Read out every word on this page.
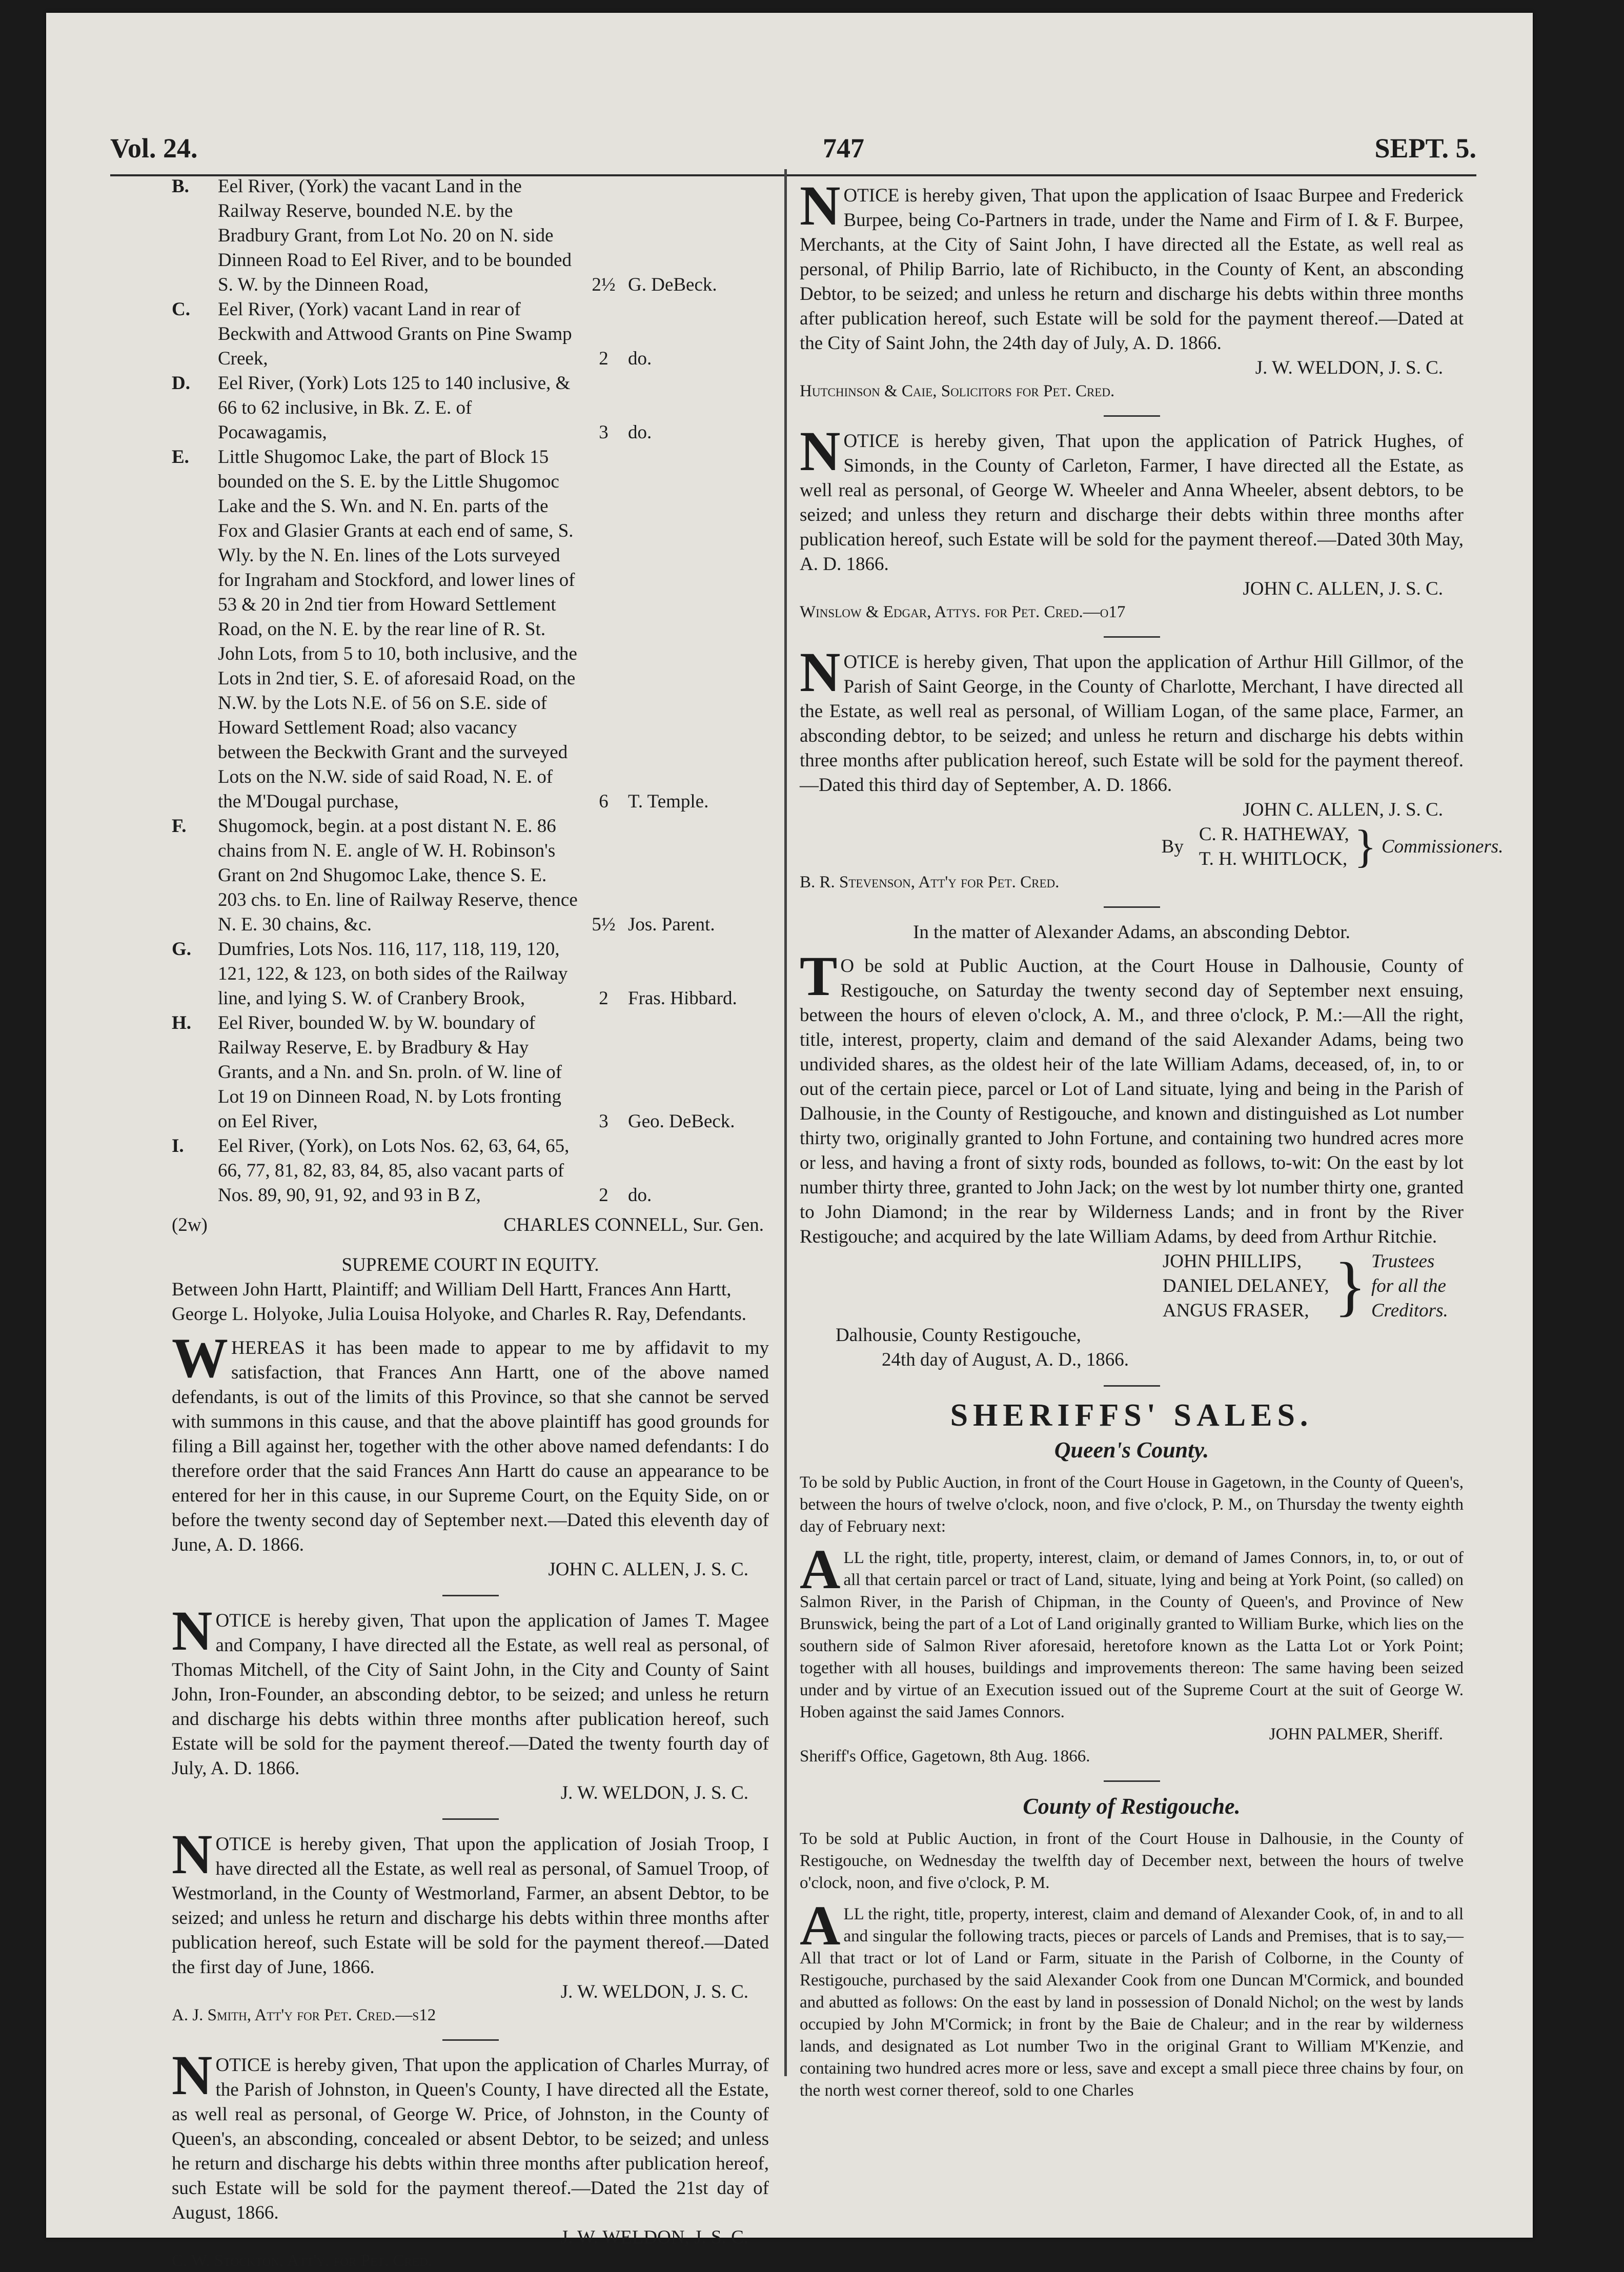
Vol. 24.	747	SEPT. 5.
B.	Eel River, (York) the vacant Land in the Railway Reserve, bounded N.E. by the Bradbury Grant, from Lot No. 20 on N. side Dinneen Road to Eel River, and to be bounded S. W. by the Dinneen Road,	2½ G. DeBeck.
C.	Eel River, (York) vacant Land in rear of Beckwith and Attwood Grants on Pine Swamp Creek,	2	do.
D.	Eel River, (York) Lots 125 to 140 inclusive, & 66 to 62 inclusive, in Bk. Z. E. of Pocawagamis,	3	do.
E.	Little Shugomoc Lake, the part of Block 15 bounded on the S. E. by the Little Shugomoc Lake and the S. Wn. and N. En. parts of the Fox and Glasier Grants at each end of same, S. Wly. by the N. En. lines of the Lots surveyed for Ingraham and Stockford, and lower lines of 53 & 20 in 2nd tier from Howard Settlement Road, on the N. E. by the rear line of R. St. John Lots, from 5 to 10, both inclusive, and the Lots in 2nd tier, S. E. of aforesaid Road, on the N.W. by the Lots N.E. of 56 on S.E. side of Howard Settlement Road; also vacancy between the Beckwith Grant and the surveyed Lots on the N.W. side of said Road, N. E. of the M'Dougal purchase,	6	T. Temple.
F.	Shugomock, begin. at a post distant N. E. 86 chains from N. E. angle of W. H. Robinson's Grant on 2nd Shugomoc Lake, thence S. E. 203 chs. to En. line of Railway Reserve, thence N. E. 30 chains, &c.	5½ Jos. Parent.
G.	Dumfries, Lots Nos. 116, 117, 118, 119, 120, 121, 122, & 123, on both sides of the Railway line, and lying S. W. of Cranbery Brook,	2	Fras. Hibbard.
H.	Eel River, bounded W. by W. boundary of Railway Reserve, E. by Bradbury & Hay Grants, and a Nn. and Sn. proln. of W. line of Lot 19 on Dinneen Road, N. by Lots fronting on Eel River,	3	Geo. DeBeck.
I.	Eel River, (York), on Lots Nos. 62, 63, 64, 65, 66, 77, 81, 82, 83, 84, 85, also vacant parts of Nos. 89, 90, 91, 92, and 93 in B Z,	2	do.
(2w)	CHARLES CONNELL, Sur. Gen.

SUPREME COURT IN EQUITY.

Between John Hartt, Plaintiff; and William Dell Hartt, Frances Ann Hartt, George L. Holyoke, Julia Louisa Holyoke, and Charles R. Ray, Defendants.

WHEREAS it has been made to appear to me by affidavit to my satisfaction, that Frances Ann Hartt, one of the above named defendants, is out of the limits of this Province, so that she cannot be served with summons in this cause, and that the above plaintiff has good grounds for filing a Bill against her, together with the other above named defendants: I do therefore order that the said Frances Ann Hartt do cause an appearance to be entered for her in this cause, in our Supreme Court, on the Equity Side, on or before the twenty second day of September next.—Dated this eleventh day of June, A. D. 1866.

JOHN C. ALLEN, J. S. C.

NOTICE is hereby given, That upon the application of James T. Magee and Company, I have directed all the Estate, as well real as personal, of Thomas Mitchell, of the City of Saint John, in the City and County of Saint John, Iron-Founder, an absconding debtor, to be seized; and unless he return and discharge his debts within three months after publication hereof, such Estate will be sold for the payment thereof.—Dated the twenty fourth day of July, A. D. 1866.

J. W. WELDON, J. S. C.

NOTICE is hereby given, That upon the application of Josiah Troop, I have directed all the Estate, as well real as personal, of Samuel Troop, of Westmorland, in the County of Westmorland, Farmer, an absent Debtor, to be seized; and unless he return and discharge his debts within three months after publication hereof, such Estate will be sold for the payment thereof.—Dated the first day of June, 1866.

J. W. WELDON, J. S. C.

A. J. Smith, Att'y for Pet. Cred.—s12

NOTICE is hereby given, That upon the application of Charles Murray, of the Parish of Johnston, in Queen's County, I have directed all the Estate, as well real as personal, of George W. Price, of Johnston, in the County of Queen's, an absconding, concealed or absent Debtor, to be seized; and unless he return and discharge his debts within three months after publication hereof, such Estate will be sold for the payment thereof.—Dated the 21st day of August, 1866.

J. W. WELDON, J. S. C.

C. W. Stockton, Att'y. for Pet. Cred.

NOTICE is hereby given, That upon the application of Isaac Burpee and Frederick Burpee, being Co-Partners in trade, under the Name and Firm of I. & F. Burpee, Merchants, at the City of Saint John, I have directed all the Estate, as well real as personal, of Philip Barrio, late of Richibucto, in the County of Kent, an absconding Debtor, to be seized; and unless he return and discharge his debts within three months after publication hereof, such Estate will be sold for the payment thereof.—Dated at the City of Saint John, the 24th day of July, A. D. 1866.

J. W. WELDON, J. S. C.

Hutchinson & Caie, Solicitors for Pet. Cred.

NOTICE is hereby given, That upon the application of Patrick Hughes, of Simonds, in the County of Carleton, Farmer, I have directed all the Estate, as well real as personal, of George W. Wheeler and Anna Wheeler, absent debtors, to be seized; and unless they return and discharge their debts within three months after publication hereof, such Estate will be sold for the payment thereof.—Dated 30th May, A. D. 1866.

JOHN C. ALLEN, J. S. C.

Winslow & Edgar, Attys. for Pet. Cred.—o17

NOTICE is hereby given, That upon the application of Arthur Hill Gillmor, of the Parish of Saint George, in the County of Charlotte, Merchant, I have directed all the Estate, as well real as personal, of William Logan, of the same place, Farmer, an absconding debtor, to be seized; and unless he return and discharge his debts within three months after publication hereof, such Estate will be sold for the payment thereof.—Dated this third day of September, A. D. 1866.

JOHN C. ALLEN, J. S. C.

By
C. R. HATHEWAY,
T. H. WHITLOCK, } Commissioners.

B. R. Stevenson, Att'y for Pet. Cred.

In the matter of Alexander Adams, an absconding Debtor.

TO be sold at Public Auction, at the Court House in Dalhousie, County of Restigouche, on Saturday the twenty second day of September next ensuing, between the hours of eleven o'clock, A. M., and three o'clock, P. M.:—All the right, title, interest, property, claim and demand of the said Alexander Adams, being two undivided shares, as the oldest heir of the late William Adams, deceased, of, in, to or out of the certain piece, parcel or Lot of Land situate, lying and being in the Parish of Dalhousie, in the County of Restigouche, and known and distinguished as Lot number thirty two, originally granted to John Fortune, and containing two hundred acres more or less, and having a front of sixty rods, bounded as follows, to-wit: On the east by lot number thirty three, granted to John Jack; on the west by lot number thirty one, granted to John Diamond; in the rear by Wilderness Lands; and in front by the River Restigouche; and acquired by the late William Adams, by deed from Arthur Ritchie.

JOHN PHILLIPS,
DANIEL DELANEY,
ANGUS FRASER, } Trustees for all the Creditors.

Dalhousie, County Restigouche,

24th day of August, A. D., 1866.

SHERIFFS' SALES.

Queen's County.

To be sold by Public Auction, in front of the Court House in Gagetown, in the County of Queen's, between the hours of twelve o'clock, noon, and five o'clock, P. M., on Thursday the twenty eighth day of February next:

ALL the right, title, property, interest, claim, or demand of James Connors, in, to, or out of all that certain parcel or tract of Land, situate, lying and being at York Point, (so called) on Salmon River, in the Parish of Chipman, in the County of Queen's, and Province of New Brunswick, being the part of a Lot of Land originally granted to William Burke, which lies on the southern side of Salmon River aforesaid, heretofore known as the Latta Lot or York Point; together with all houses, buildings and improvements thereon: The same having been seized under and by virtue of an Execution issued out of the Supreme Court at the suit of George W. Hoben against the said James Connors.

JOHN PALMER, Sheriff.

Sheriff's Office, Gagetown, 8th Aug. 1866.

County of Restigouche.

To be sold at Public Auction, in front of the Court House in Dalhousie, in the County of Restigouche, on Wednesday the twelfth day of December next, between the hours of twelve o'clock, noon, and five o'clock, P. M.

ALL the right, title, property, interest, claim and demand of Alexander Cook, of, in and to all and singular the following tracts, pieces or parcels of Lands and Premises, that is to say,—All that tract or lot of Land or Farm, situate in the Parish of Colborne, in the County of Restigouche, purchased by the said Alexander Cook from one Duncan M'Cormick, and bounded and abutted as follows: On the east by land in possession of Donald Nichol; on the west by lands occupied by John M'Cormick; in front by the Baie de Chaleur; and in the rear by wilderness lands, and designated as Lot number Two in the original Grant to William M'Kenzie, and containing two hundred acres more or less, save and except a small piece three chains by four, on the north west corner thereof, sold to one Charles
